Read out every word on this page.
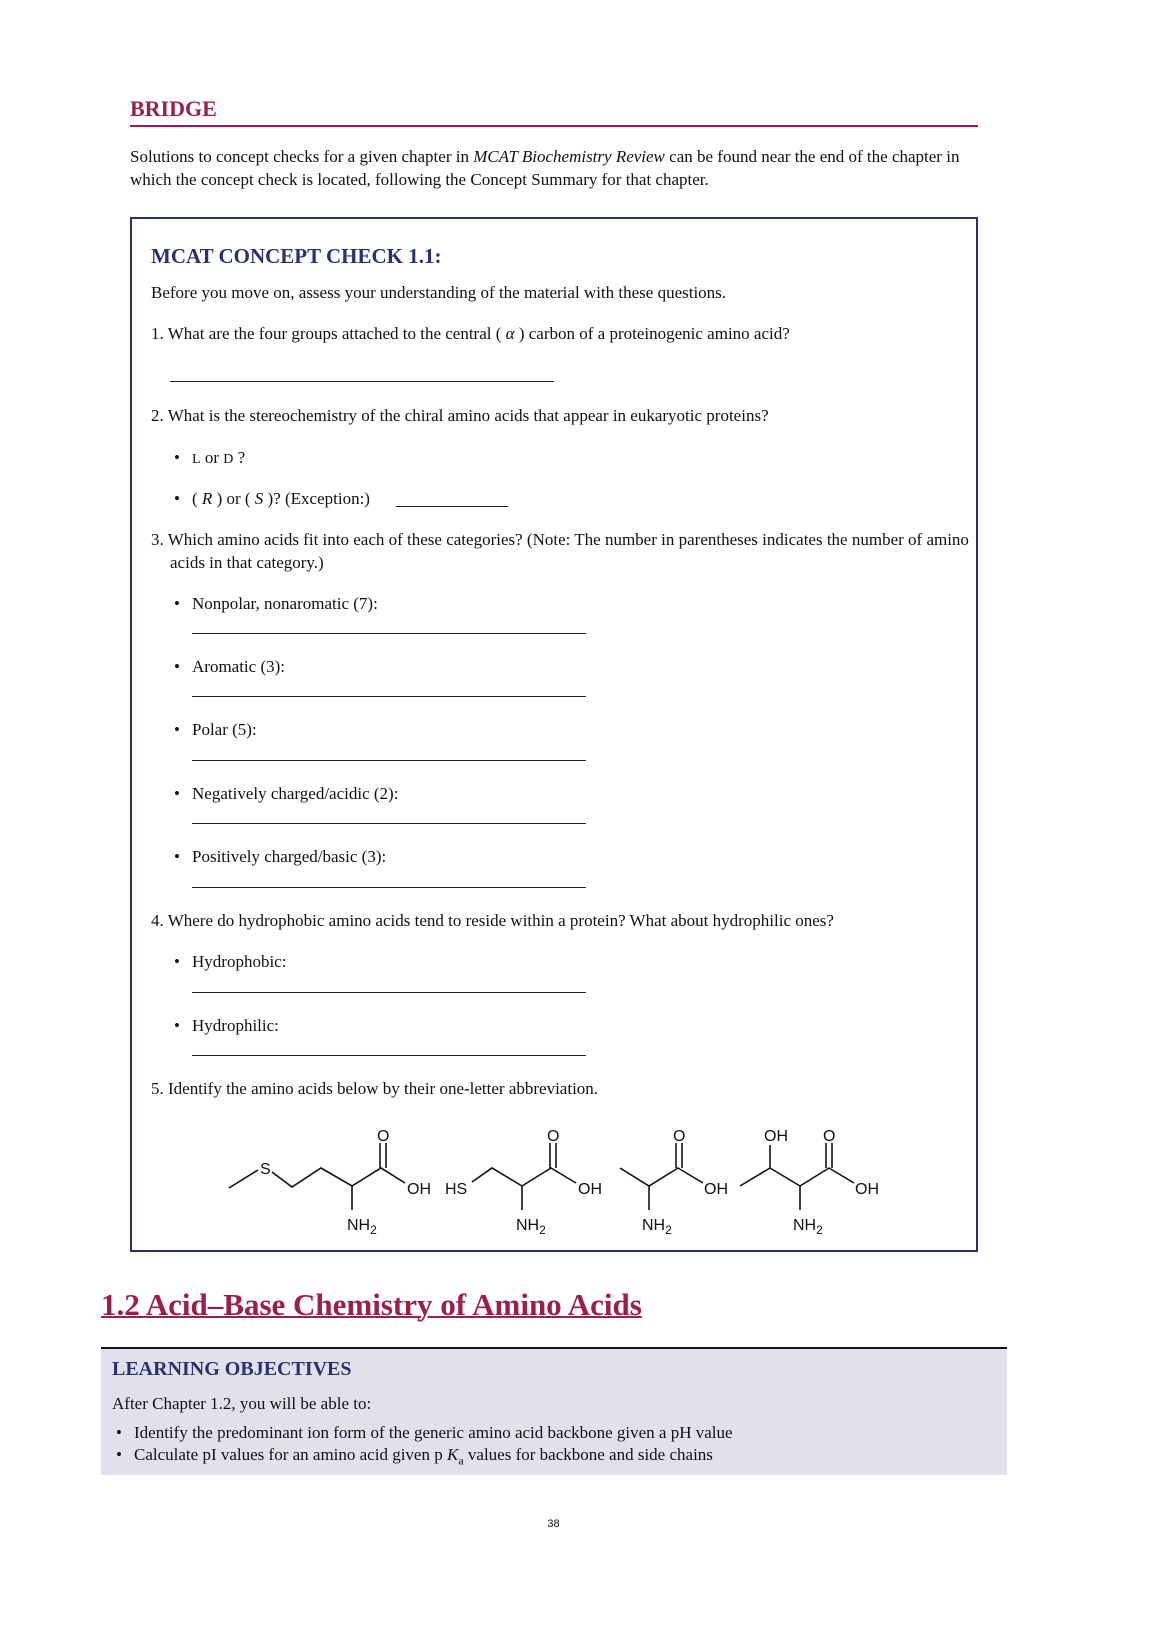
BRIDGE
Solutions to concept checks for a given chapter in MCAT Biochemistry Review can be found near the end of the chapter in which the concept check is located, following the Concept Summary for that chapter.
MCAT CONCEPT CHECK 1.1:
Before you move on, assess your understanding of the material with these questions.
1. What are the four groups attached to the central ( α ) carbon of a proteinogenic amino acid?
2. What is the stereochemistry of the chiral amino acids that appear in eukaryotic proteins?
• L or D ?
• ( R ) or ( S )? (Exception:)
3. Which amino acids fit into each of these categories? (Note: The number in parentheses indicates the number of amino acids in that category.)
• Nonpolar, nonaromatic (7):
• Aromatic (3):
• Polar (5):
• Negatively charged/acidic (2):
• Positively charged/basic (3):
4. Where do hydrophobic amino acids tend to reside within a protein? What about hydrophilic ones?
• Hydrophobic:
• Hydrophilic:
5. Identify the amino acids below by their one-letter abbreviation.
S
O
OH
$NH_2$
HS
O
OH
$NH_2$
O
OH
$NH_2$
OH O
OH
$NH_2$
1.2 Acid–Base Chemistry of Amino Acids
LEARNING OBJECTIVES
After Chapter 1.2, you will be able to:
• Identify the predominant ion form of the generic amino acid backbone given a pH value
• Calculate pI values for an amino acid given p $K_a$ values for backbone and side chains
38
